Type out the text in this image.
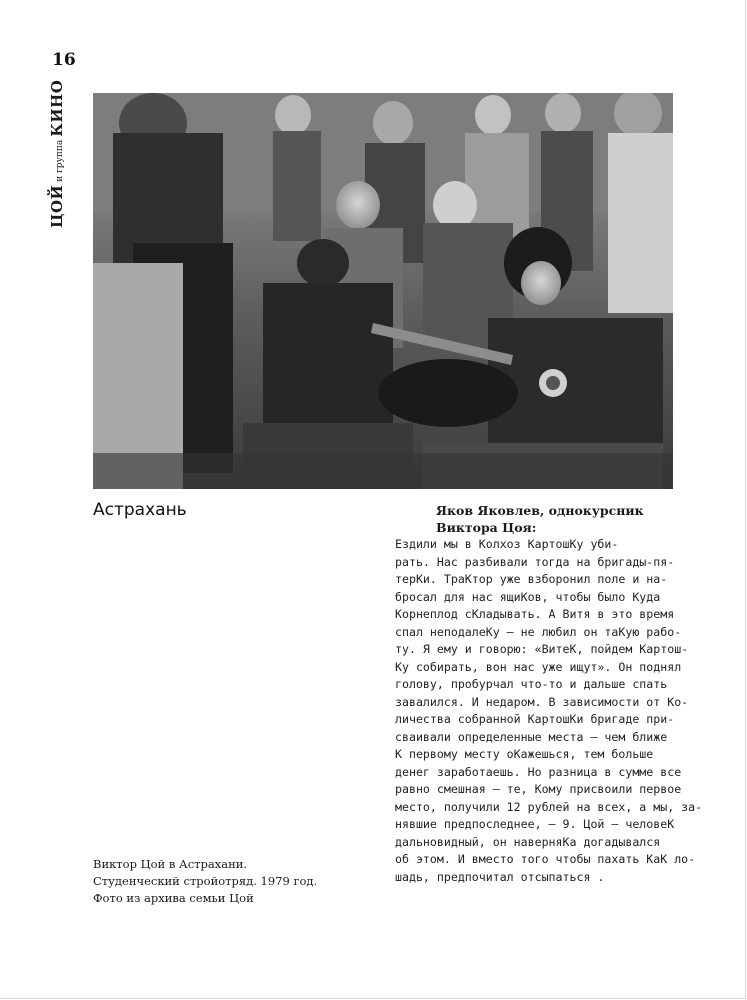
16
ЦОЙ
и группа
КИНО
Астрахань	Яков Яковлев, однокурсник
Виктора Цоя:
Ездили мы в Колхоз КартошКу уби-
рать. Нас разбивали тогда на бригады-пя-
терКи. ТраКтор уже взборонил поле и на-
бросал для нас ящиКов, чтобы было Куда
Корнеплод сКладывать. А Витя в это время
спал неподалеКу – не любил он таКую рабо-
ту. Я ему и говорю: «ВитеК, пойдем Картош-
Ку собирать, вон нас уже ищут». Он поднял
голову, пробурчал что-то и дальше спать
завалился. И недаром. В зависимости от Ко-
личества собранной КартошКи бригаде при-
сваивали определенные места – чем ближе
К первому месту оКажешься, тем больше
денег заработаешь. Но разница в сумме все
равно смешная – те, Кому присвоили первое
место, получили 12 рублей на всех, а мы, за-
нявшие предпоследнее, – 9. Цой – человеК
дальновидный, он наверняКа догадывался
об этом. И вместо того чтобы пахать КаК ло-
шадь, предпочитал отсыпаться .
Виктор Цой в Астрахани.
Студенческий стройотряд. 1979 год.
Фото из архива семьи Цой
